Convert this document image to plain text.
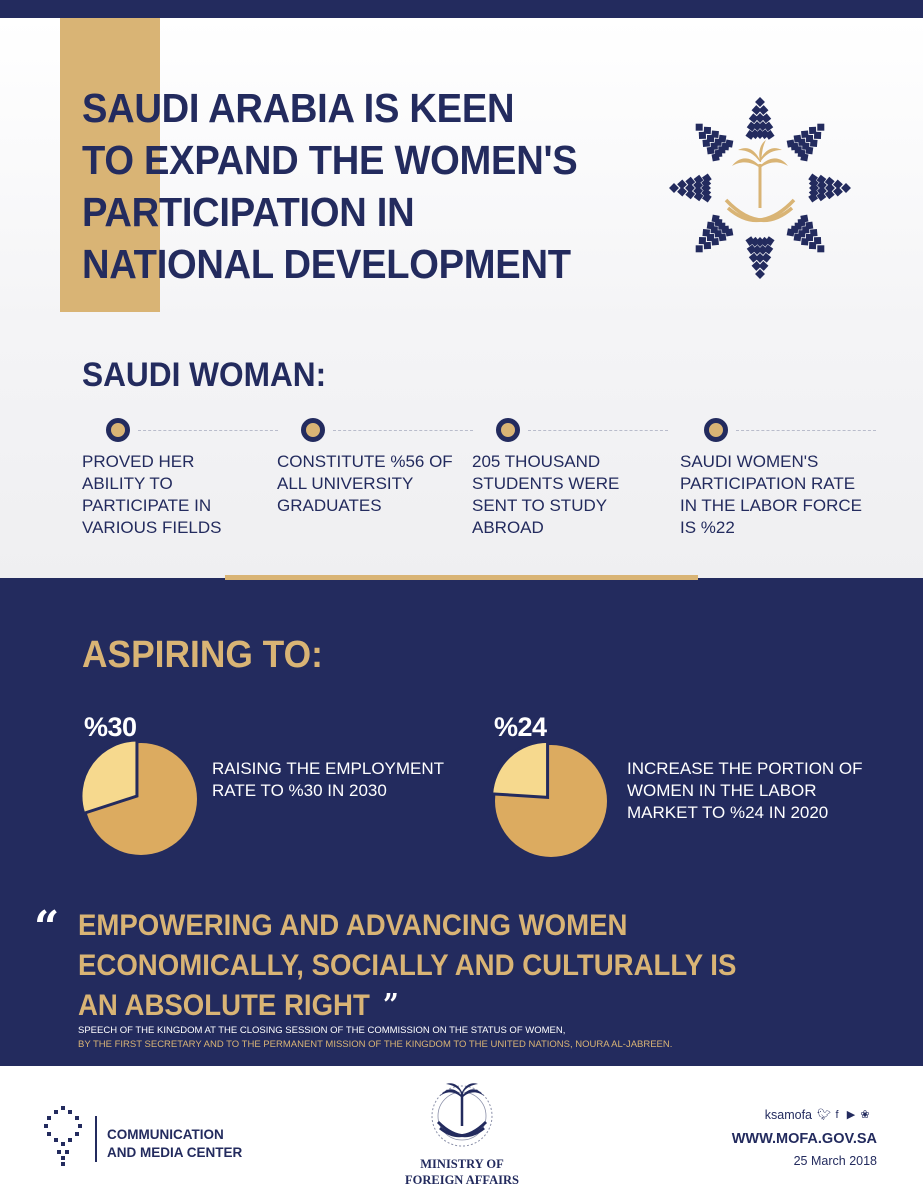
SAUDI ARABIA IS KEEN
TO EXPAND THE WOMEN'S
PARTICIPATION IN
NATIONAL DEVELOPMENT
SAUDI WOMAN:
PROVED HER ABILITY TO PARTICIPATE IN VARIOUS FIELDS
CONSTITUTE %56 OF ALL UNIVERSITY GRADUATES
205 THOUSAND STUDENTS WERE SENT TO STUDY ABROAD
SAUDI WOMEN'S PARTICIPATION RATE IN THE LABOR FORCE IS %22
ASPIRING TO:
%30
RAISING THE EMPLOYMENT RATE TO %30 IN 2030
%24
INCREASE THE PORTION OF WOMEN IN THE LABOR MARKET TO %24 IN 2020
“ EMPOWERING AND ADVANCING WOMEN ECONOMICALLY, SOCIALLY AND CULTURALLY IS AN ABSOLUTE RIGHT ”
SPEECH OF THE KINGDOM AT THE CLOSING SESSION OF THE COMMISSION ON THE STATUS OF WOMEN,
BY THE FIRST SECRETARY AND TO THE PERMANENT MISSION OF THE KINGDOM TO THE UNITED NATIONS, NOURA AL-JABREEN.
COMMUNICATION
AND MEDIA CENTER
MINISTRY OF
FOREIGN AFFAIRS
ksamofa 🐦︎ f ▶︎ ❀
WWW.MOFA.GOV.SA
25 March 2018
